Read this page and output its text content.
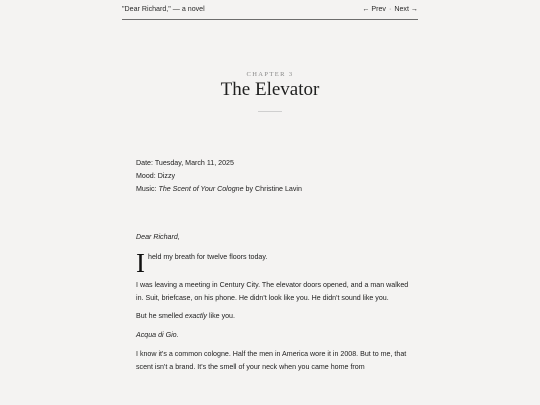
"Dear Richard," — a novel	← Prev · Next →
CHAPTER 3
The Elevator
Date: Tuesday, March 11, 2025
Mood: Dizzy
Music: The Scent of Your Cologne by Christine Lavin

Dear Richard,

I held my breath for twelve floors today.

I was leaving a meeting in Century City. The elevator doors opened, and a man walked in. Suit, briefcase, on his phone. He didn't look like you. He didn't sound like you.

But he smelled exactly like you.

Acqua di Gio.

I know it's a common cologne. Half the men in America wore it in 2008. But to me, that scent isn't a brand. It's the smell of your neck when you came home from
